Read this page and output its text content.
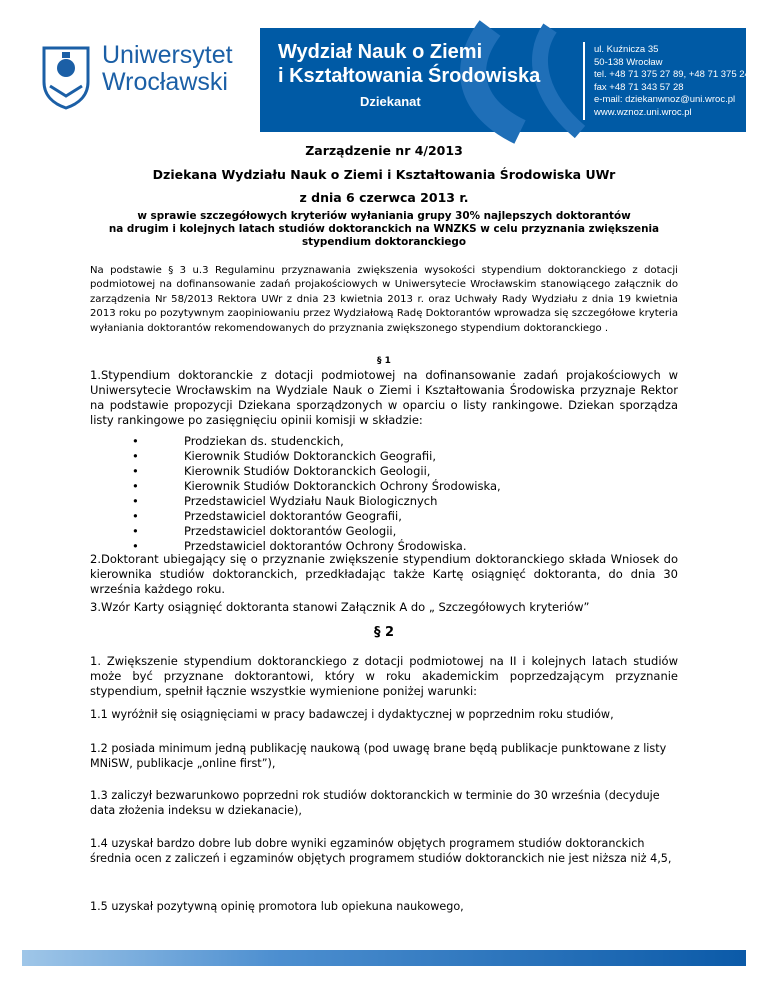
Uniwersytet
Wrocławski
Wydział Nauk o Ziemi
i Kształtowania Środowiska
Dziekanat
ul. Kuźnicza 35
50-138 Wrocław
tel. +48 71 375 27 89, +48 71 375 24 62
fax +48 71 343 57 28
e-mail: dziekanwnoz@uni.wroc.pl
www.wznoz.uni.wroc.pl
Zarządzenie nr 4/2013
Dziekana Wydziału Nauk o Ziemi i Kształtowania Środowiska UWr
z dnia 6 czerwca 2013 r.
w sprawie szczegółowych kryteriów wyłaniania grupy 30% najlepszych doktorantów
na drugim i kolejnych latach studiów doktoranckich na WNZKS w celu przyznania zwiększenia
stypendium doktoranckiego
Na podstawie § 3 u.3 Regulaminu przyznawania zwiększenia wysokości stypendium doktoranckiego z dotacji podmiotowej na dofinansowanie zadań projakościowych w Uniwersytecie Wrocławskim stanowiącego załącznik do zarządzenia Nr 58/2013 Rektora UWr z dnia 23 kwietnia 2013 r. oraz Uchwały Rady Wydziału z dnia 19 kwietnia 2013 roku po pozytywnym zaopiniowaniu przez Wydziałową Radę Doktorantów wprowadza się szczegółowe kryteria wyłaniania doktorantów rekomendowanych do przyznania zwiększonego stypendium doktoranckiego .
§ 1
1.Stypendium doktoranckie z dotacji podmiotowej na dofinansowanie zadań projakościowych w Uniwersytecie Wrocławskim na Wydziale Nauk o Ziemi i Kształtowania Środowiska przyznaje Rektor na podstawie propozycji Dziekana sporządzonych w oparciu o listy rankingowe. Dziekan sporządza listy rankingowe po zasięgnięciu opinii komisji w składzie:
• Prodziekan ds. studenckich,
• Kierownik Studiów Doktoranckich Geografii,
• Kierownik Studiów Doktoranckich Geologii,
• Kierownik Studiów Doktoranckich Ochrony Środowiska,
• Przedstawiciel Wydziału Nauk Biologicznych
• Przedstawiciel doktorantów Geografii,
• Przedstawiciel doktorantów Geologii,
• Przedstawiciel doktorantów Ochrony Środowiska.
2.Doktorant ubiegający się o przyznanie zwiększenie stypendium doktoranckiego składa Wniosek do kierownika studiów doktoranckich, przedkładając także Kartę osiągnięć doktoranta, do dnia 30 września każdego roku.
3.Wzór Karty osiągnięć doktoranta stanowi Załącznik A do „ Szczegółowych kryteriów”
§ 2
1. Zwiększenie stypendium doktoranckiego z dotacji podmiotowej na II i kolejnych latach studiów może być przyznane doktorantowi, który w roku akademickim poprzedzającym przyznanie stypendium, spełnił łącznie wszystkie wymienione poniżej warunki:
1.1 wyróżnił się osiągnięciami w pracy badawczej i dydaktycznej w poprzednim roku studiów,
1.2 posiada minimum jedną publikację naukową (pod uwagę brane będą publikacje punktowane z listy MNiSW, publikacje „online first”),
1.3 zaliczył bezwarunkowo poprzedni rok studiów doktoranckich w terminie do 30 września (decyduje data złożenia indeksu w dziekanacie),
1.4 uzyskał bardzo dobre lub dobre wyniki egzaminów objętych programem studiów doktoranckich średnia ocen z zaliczeń i egzaminów objętych programem studiów doktoranckich nie jest niższa niż 4,5,
1.5 uzyskał pozytywną opinię promotora lub opiekuna naukowego,
